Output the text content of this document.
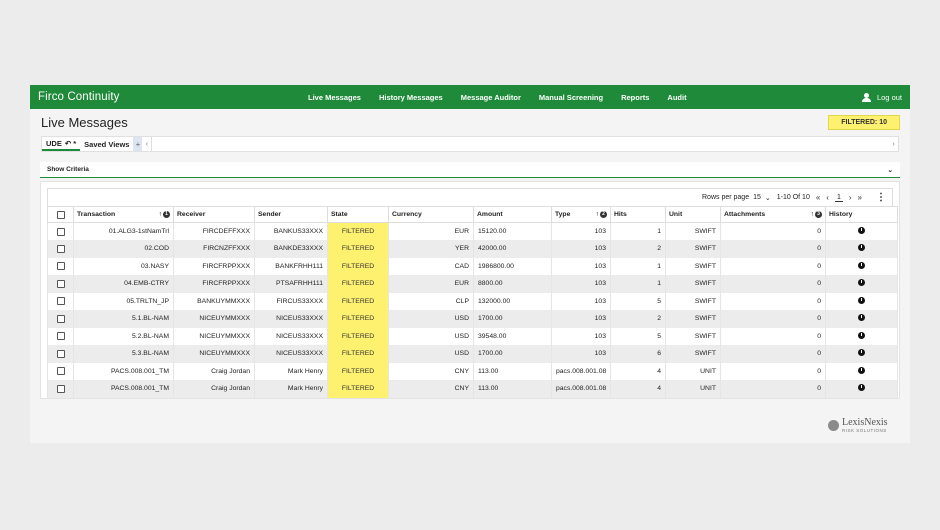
Firco Continuity	Live Messages History Messages Message Auditor Manual Screening Reports Audit	Log out
Live Messages	FILTERED: 10
UDE ↶ *	Saved Views + ‹	›
Show Criteria	⌄
Rows per page 15 ⌄ 1-10 Of 10 « ‹ 1 › » ⋮
	Transaction ↑ 1	Receiver	Sender	State	Currency	Amount	Type ↑ 2	Hits	Unit	Attachments ↑ 3	History
	01.ALG3-1stNamTrl	FIRCDEFFXXX	BANKUS33XXX	FILTERED	EUR	15120.00	103	1	SWIFT	0	
	02.COD	FIRCNZFFXXX	BANKDE33XXX	FILTERED	YER	42000.00	103	2	SWIFT	0	
	03.NASY	FIRCFRPPXXX	BANKFRHH111	FILTERED	CAD	1986800.00	103	1	SWIFT	0	
	04.EMB-CTRY	FIRCFRPPXXX	PTSAFRHH111	FILTERED	EUR	8800.00	103	1	SWIFT	0	
	05.TRLTN_JP	BANKUYMMXXX	FIRCUS33XXX	FILTERED	CLP	132000.00	103	5	SWIFT	0	
	5.1.BL-NAM	NICEUYMMXXX	NICEUS33XXX	FILTERED	USD	1700.00	103	2	SWIFT	0	
	5.2.BL-NAM	NICEUYMMXXX	NICEUS33XXX	FILTERED	USD	39548.00	103	5	SWIFT	0	
	5.3.BL-NAM	NICEUYMMXXX	NICEUS33XXX	FILTERED	USD	1700.00	103	6	SWIFT	0	
	PACS.008.001_TM	Craig Jordan	Mark Henry	FILTERED	CNY	113.00	pacs.008.001.08	4	UNIT	0	
	PACS.008.001_TM	Craig Jordan	Mark Henry	FILTERED	CNY	113.00	pacs.008.001.08	4	UNIT	0	
LexisNexis
RISK SOLUTIONS
